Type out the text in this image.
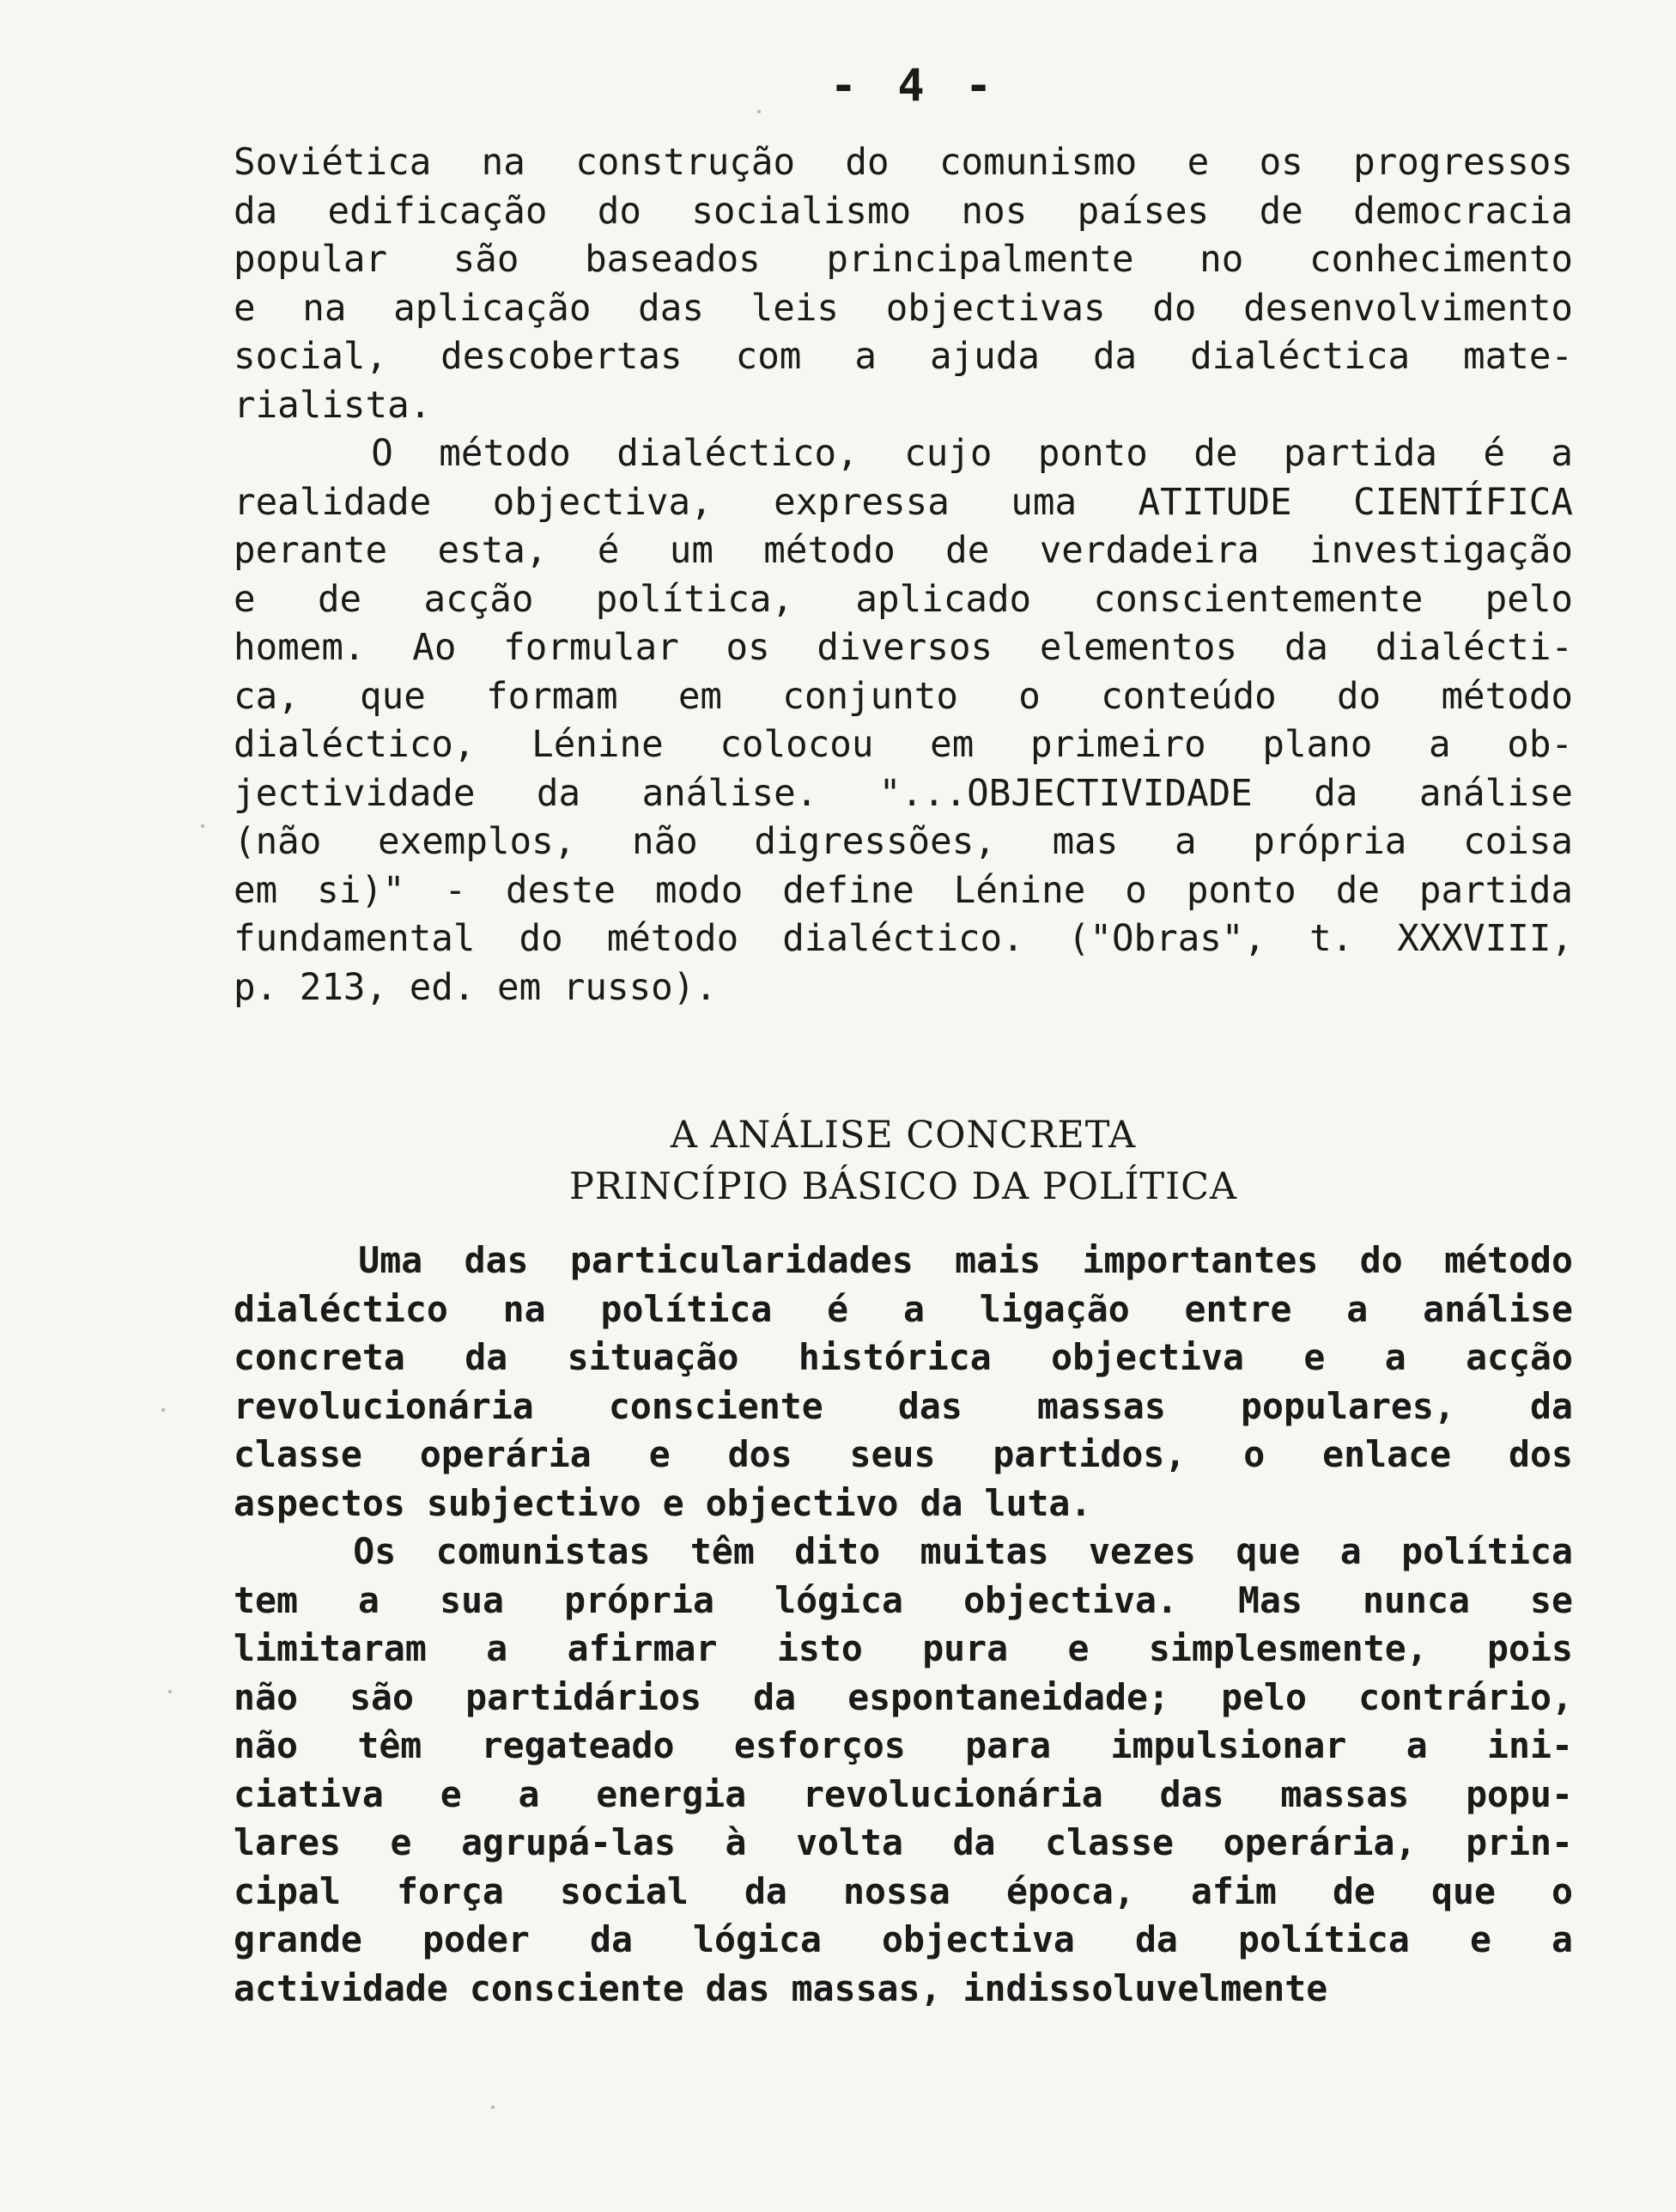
- 4 -
Soviética na construção do comunismo e os progressos
da edificação do socialismo nos países de democracia
popular são baseados principalmente no conhecimento
e na aplicação das leis objectivas do desenvolvimento
social, descobertas com a ajuda da dialéctica mate-
rialista.
O método dialéctico, cujo ponto de partida é a
realidade objectiva, expressa uma ATITUDE CIENTÍFICA
perante esta, é um método de verdadeira investigação
e de acção política, aplicado conscientemente pelo
homem. Ao formular os diversos elementos da dialécti-
ca, que formam em conjunto o conteúdo do método
dialéctico, Lénine colocou em primeiro plano a ob-
jectividade da análise. "...OBJECTIVIDADE da análise
(não exemplos, não digressões, mas a própria coisa
em si)" - deste modo define Lénine o ponto de partida
fundamental do método dialéctico. ("Obras", t. XXXVIII,
p. 213, ed. em russo).
A ANÁLISE CONCRETA
PRINCÍPIO BÁSICO DA POLÍTICA
Uma das particularidades mais importantes do método
dialéctico na política é a ligação entre a análise
concreta da situação histórica objectiva e a acção
revolucionária consciente das massas populares, da
classe operária e dos seus partidos, o enlace dos
aspectos subjectivo e objectivo da luta.
Os comunistas têm dito muitas vezes que a política
tem a sua própria lógica objectiva. Mas nunca se
limitaram a afirmar isto pura e simplesmente, pois
não são partidários da espontaneidade; pelo contrário,
não têm regateado esforços para impulsionar a ini-
ciativa e a energia revolucionária das massas popu-
lares e agrupá-las à volta da classe operária, prin-
cipal força social da nossa época, afim de que o
grande poder da lógica objectiva da política e a
actividade consciente das massas, indissoluvelmente
